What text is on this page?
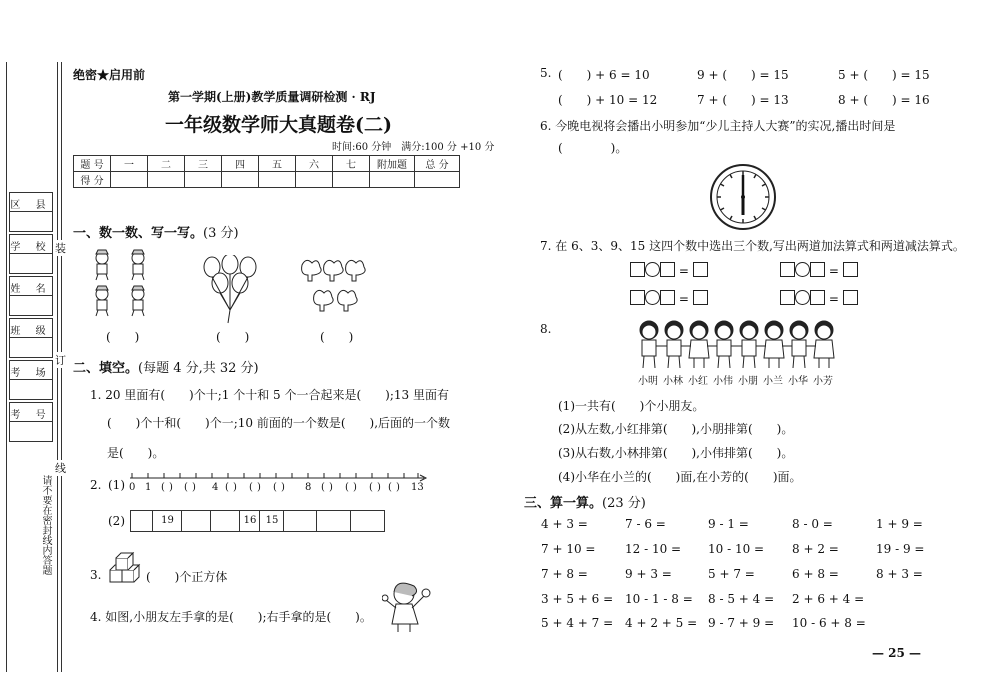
区 县
学 校
姓 名
班 级
考 场
考 号
装
订
线
请不要在密封线内答题
绝密★启用前
第一学期(上册)教学质量调研检测 · RJ
一年级数学师大真题卷(二)
时间:60 分钟　满分:100 分 +10 分
题 号	一	二	三	四	五	六	七	附加题	总 分
得 分									
一、数一数、写一写。(3 分)
(　　)	(　　)	(　　)
二、填空。(每题 4 分,共 32 分)
1. 20 里面有(　　)个十;1 个十和 5 个一合起来是(　　);13 里面有
(　　)个十和(　　)个一;10 前面的一个数是(　　),后面的一个数
是(　　)。
2. (1) 0 1 ( ) ( ) 4 ( ) ( ) ( ) 8 ( ) ( ) ( ) ( ) 13
(2)	19	16 15
3.	(　　)个正方体
4. 如图,小朋友左手拿的是(　　);右手拿的是(　　)。
5. (　　) + 6 = 10	9 + (　　) = 15	5 + (　　) = 15
(　　) + 10 = 12	7 + (　　) = 13	8 + (　　) = 16
6. 今晚电视将会播出小明参加“少儿主持人大赛”的实况,播出时间是
(　　　　)。
7. 在 6、3、9、15 这四个数中选出三个数,写出两道加法算式和两道减法算式。
=	=
=	=
8.
小明 小林 小红 小伟 小朋 小兰 小华 小芳
(1)一共有(　　)个小朋友。
(2)从左数,小红排第(　　),小朋排第(　　)。
(3)从右数,小林排第(　　),小伟排第(　　)。
(4)小华在小兰的(　　)面,在小芳的(　　)面。
三、算一算。(23 分)
4 + 3 =	7 - 6 =	9 - 1 =	8 - 0 =	1 + 9 =
7 + 10 = 12 - 10 = 10 - 10 = 8 + 2 =	19 - 9 =
7 + 8 =	9 + 3 =	5 + 7 =	6 + 8 =	8 + 3 =
3 + 5 + 6 = 10 - 1 - 8 = 8 - 5 + 4 = 2 + 6 + 4 =
5 + 4 + 7 = 4 + 2 + 5 = 9 - 7 + 9 = 10 - 6 + 8 =
— 25 —
